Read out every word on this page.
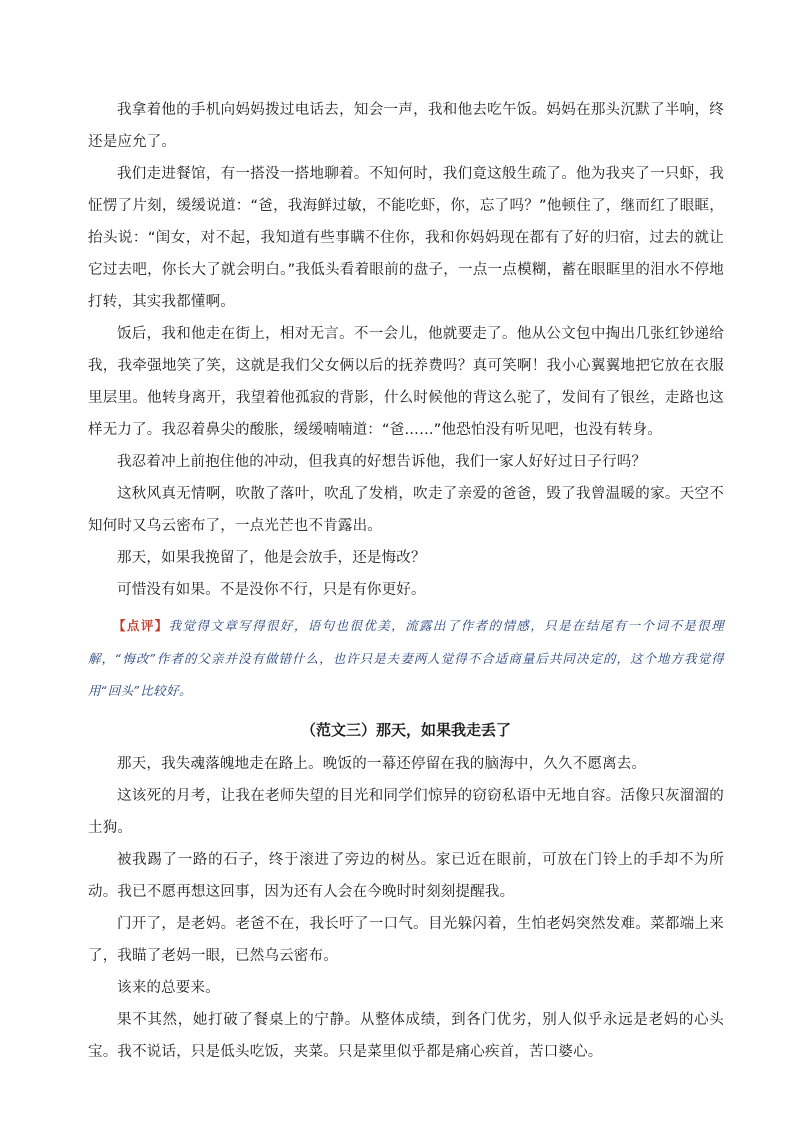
我拿着他的手机向妈妈拨过电话去，知会一声，我和他去吃午饭。妈妈在那头沉默了半响，终还是应允了。

我们走进餐馆，有一搭没一搭地聊着。不知何时，我们竟这般生疏了。他为我夹了一只虾，我怔愣了片刻，缓缓说道：“爸，我海鲜过敏，不能吃虾，你，忘了吗？”他顿住了，继而红了眼眶，抬头说：“闺女，对不起，我知道有些事瞒不住你，我和你妈妈现在都有了好的归宿，过去的就让它过去吧，你长大了就会明白。”我低头看着眼前的盘子，一点一点模糊，蓄在眼眶里的泪水不停地打转，其实我都懂啊。

饭后，我和他走在街上，相对无言。不一会儿，他就要走了。他从公文包中掏出几张红钞递给我，我牵强地笑了笑，这就是我们父女俩以后的抚养费吗？真可笑啊！我小心翼翼地把它放在衣服里层里。他转身离开，我望着他孤寂的背影，什么时候他的背这么驼了，发间有了银丝，走路也这样无力了。我忍着鼻尖的酸胀，缓缓喃喃道：“爸……”他恐怕没有听见吧，也没有转身。

我忍着冲上前抱住他的冲动，但我真的好想告诉他，我们一家人好好过日子行吗？

这秋风真无情啊，吹散了落叶，吹乱了发梢，吹走了亲爱的爸爸，毁了我曾温暖的家。天空不知何时又乌云密布了，一点光芒也不肯露出。

那天，如果我挽留了，他是会放手，还是悔改？

可惜没有如果。不是没你不行，只是有你更好。

【点评】我觉得文章写得很好，语句也很优美，流露出了作者的情感，只是在结尾有一个词不是很理解，“悔改”作者的父亲并没有做错什么，也许只是夫妻两人觉得不合适商量后共同决定的，这个地方我觉得用“回头”比较好。

（范文三）那天，如果我走丢了

那天，我失魂落魄地走在路上。晚饭的一幕还停留在我的脑海中，久久不愿离去。

这该死的月考，让我在老师失望的目光和同学们惊异的窃窃私语中无地自容。活像只灰溜溜的土狗。

被我踢了一路的石子，终于滚进了旁边的树丛。家已近在眼前，可放在门铃上的手却不为所动。我已不愿再想这回事，因为还有人会在今晚时时刻刻提醒我。

门开了，是老妈。老爸不在，我长吁了一口气。目光躲闪着，生怕老妈突然发难。菜都端上来了，我瞄了老妈一眼，已然乌云密布。

该来的总要来。

果不其然，她打破了餐桌上的宁静。从整体成绩，到各门优劣，别人似乎永远是老妈的心头宝。我不说话，只是低头吃饭，夹菜。只是菜里似乎都是痛心疾首，苦口婆心。
